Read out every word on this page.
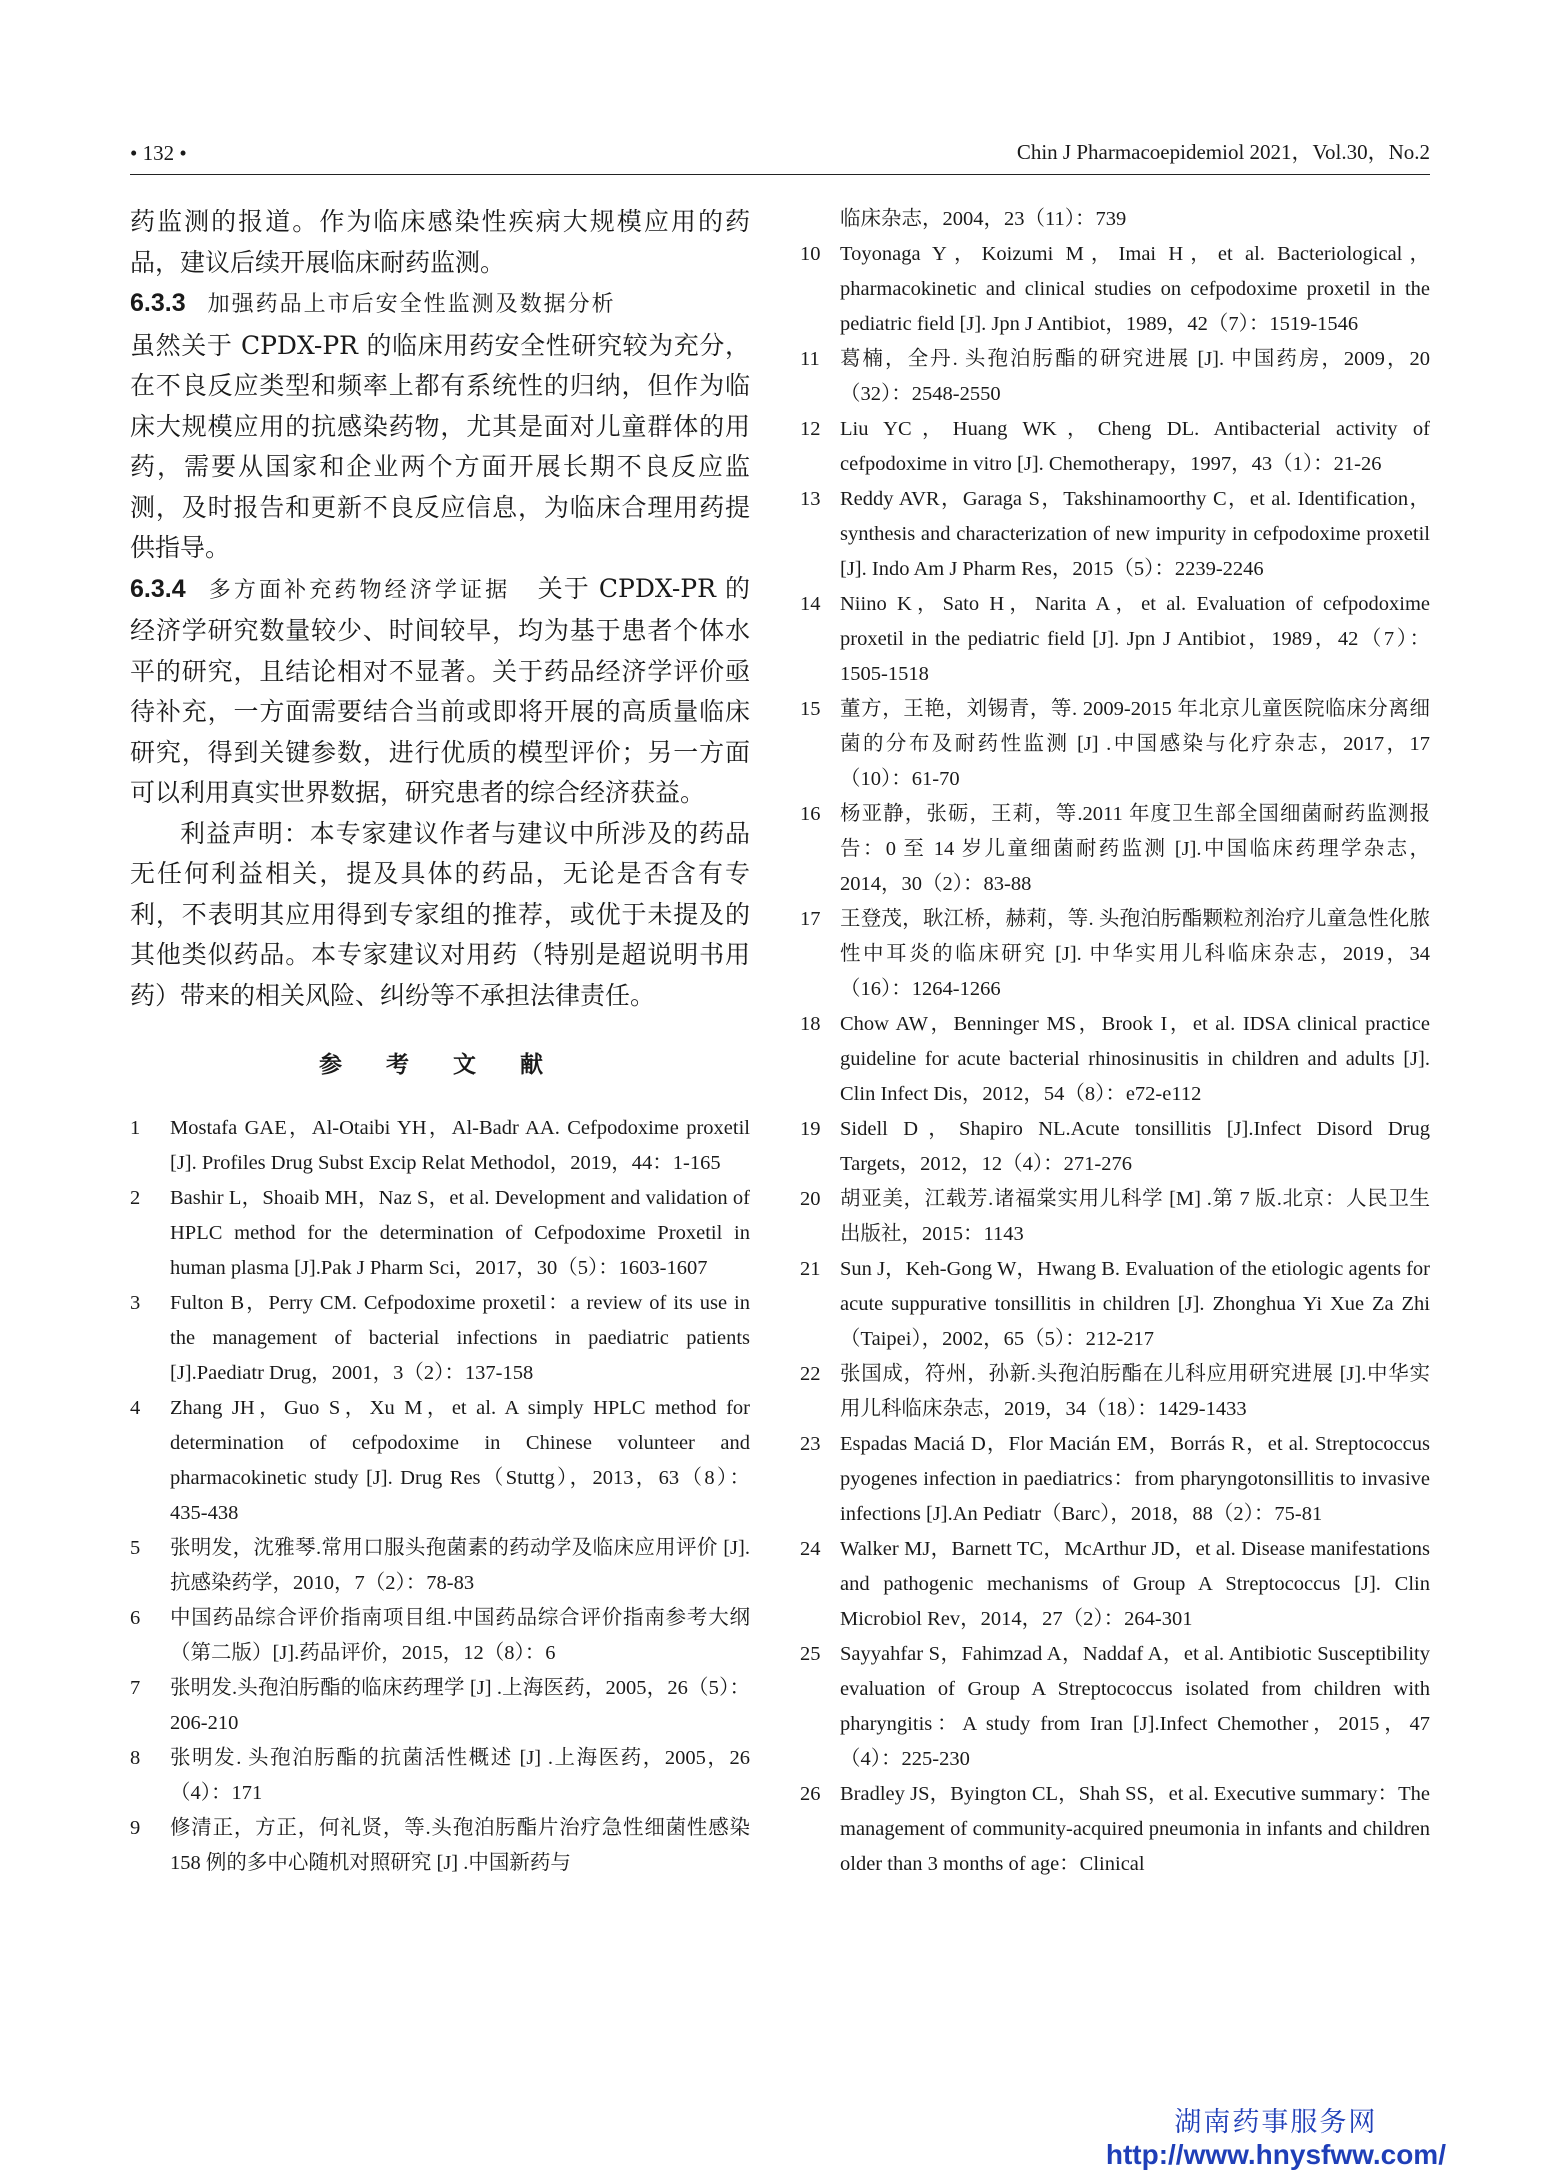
• 132 •	Chin J Pharmacoepidemiol 2021，Vol.30，No.2

药监测的报道。作为临床感染性疾病大规模应用的药品，建议后续开展临床耐药监测。

6.3.3 加强药品上市后安全性监测及数据分析

虽然关于 CPDX-PR 的临床用药安全性研究较为充分，在不良反应类型和频率上都有系统性的归纳，但作为临床大规模应用的抗感染药物，尤其是面对儿童群体的用药，需要从国家和企业两个方面开展长期不良反应监测，及时报告和更新不良反应信息，为临床合理用药提供指导。

6.3.4 多方面补充药物经济学证据 关于 CPDX-PR 的经济学研究数量较少、时间较早，均为基于患者个体水平的研究，且结论相对不显著。关于药品经济学评价亟待补充，一方面需要结合当前或即将开展的高质量临床研究，得到关键参数，进行优质的模型评价；另一方面可以利用真实世界数据，研究患者的综合经济获益。

利益声明：本专家建议作者与建议中所涉及的药品无任何利益相关，提及具体的药品，无论是否含有专利，不表明其应用得到专家组的推荐，或优于未提及的其他类似药品。本专家建议对用药（特别是超说明书用药）带来的相关风险、纠纷等不承担法律责任。

参 考 文 献
1	Mostafa GAE，Al-Otaibi YH，Al-Badr AA. Cefpodoxime proxetil [J]. Profiles Drug Subst Excip Relat Methodol，2019，44：1-165
2	Bashir L，Shoaib MH，Naz S，et al. Development and validation of HPLC method for the determination of Cefpodoxime Proxetil in human plasma [J].Pak J Pharm Sci，2017，30（5）：1603-1607
3	Fulton B，Perry CM. Cefpodoxime proxetil：a review of its use in the management of bacterial infections in paediatric patients [J].Paediatr Drug，2001，3（2）：137-158
4	Zhang JH，Guo S，Xu M，et al. A simply HPLC method for determination of cefpodoxime in Chinese volunteer and pharmacokinetic study [J]. Drug Res（Stuttg），2013，63（8）：435-438
5	张明发，沈雅琴.常用口服头孢菌素的药动学及临床应用评价 [J].抗感染药学，2010，7（2）：78-83
6	中国药品综合评价指南项目组.中国药品综合评价指南参考大纲（第二版）[J].药品评价，2015，12（8）：6
7	张明发.头孢泊肟酯的临床药理学 [J] .上海医药，2005，26（5）：206-210
8	张明发. 头孢泊肟酯的抗菌活性概述 [J] .上海医药，2005，26（4）：171
9	修清正，方正，何礼贤，等.头孢泊肟酯片治疗急性细菌性感染 158 例的多中心随机对照研究 [J] .中国新药与

临床杂志，2004，23（11）：739

10 Toyonaga Y，Koizumi M，Imai H，et al. Bacteriological，pharmacokinetic and clinical studies on cefpodoxime proxetil in the pediatric field [J]. Jpn J Antibiot，1989，42（7）：1519-1546
11 葛楠，全丹. 头孢泊肟酯的研究进展 [J]. 中国药房，2009，20（32）：2548-2550
12 Liu YC，Huang WK，Cheng DL. Antibacterial activity of cefpodoxime in vitro [J]. Chemotherapy，1997，43（1）：21-26
13 Reddy AVR，Garaga S，Takshinamoorthy C，et al. Identification，synthesis and characterization of new impurity in cefpodoxime proxetil [J]. Indo Am J Pharm Res，2015（5）：2239-2246
14 Niino K，Sato H，Narita A，et al. Evaluation of cefpodoxime proxetil in the pediatric field [J]. Jpn J Antibiot，1989，42（7）：1505-1518
15 董方，王艳，刘锡青，等. 2009-2015 年北京儿童医院临床分离细菌的分布及耐药性监测 [J] .中国感染与化疗杂志，2017，17（10）：61-70
16 杨亚静，张砺，王莉，等.2011 年度卫生部全国细菌耐药监测报告：0 至 14 岁儿童细菌耐药监测 [J].中国临床药理学杂志，2014，30（2）：83-88
17 王登茂，耿江桥，赫莉，等. 头孢泊肟酯颗粒剂治疗儿童急性化脓性中耳炎的临床研究 [J]. 中华实用儿科临床杂志，2019，34（16）：1264-1266
18 Chow AW，Benninger MS，Brook I，et al. IDSA clinical practice guideline for acute bacterial rhinosinusitis in children and adults [J]. Clin Infect Dis，2012，54（8）：e72-e112
19 Sidell D，Shapiro NL.Acute tonsillitis [J].Infect Disord Drug Targets，2012，12（4）：271-276
20 胡亚美，江载芳.诸福棠实用儿科学 [M] .第 7 版.北京：人民卫生出版社，2015：1143
21 Sun J，Keh-Gong W，Hwang B. Evaluation of the etiologic agents for acute suppurative tonsillitis in children [J]. Zhonghua Yi Xue Za Zhi（Taipei），2002，65（5）：212-217
22 张国成，符州，孙新.头孢泊肟酯在儿科应用研究进展 [J].中华实用儿科临床杂志，2019，34（18）：1429-1433
23 Espadas Maciá D，Flor Macián EM，Borrás R，et al. Streptococcus pyogenes infection in paediatrics：from pharyngotonsillitis to invasive infections [J].An Pediatr（Barc），2018，88（2）：75-81
24 Walker MJ，Barnett TC，McArthur JD，et al. Disease manifestations and pathogenic mechanisms of Group A Streptococcus [J]. Clin Microbiol Rev，2014，27（2）：264-301
25 Sayyahfar S，Fahimzad A，Naddaf A，et al. Antibiotic Susceptibility evaluation of Group A Streptococcus isolated from children with pharyngitis：A study from Iran [J].Infect Chemother，2015，47（4）：225-230
26 Bradley JS，Byington CL，Shah SS，et al. Executive summary：The management of community-acquired pneumonia in infants and children older than 3 months of age：Clinical
湖南药事服务网
http://www.hnysfww.com/
